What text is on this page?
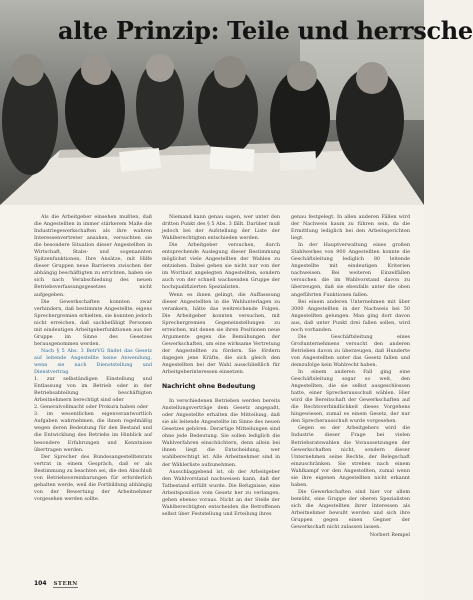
alte Prinzip: Teile und herrsche

Als die Arbeitgeber einsehen mußten, daß die Angestellten in immer stärkerem Maße die Industriegewerkschaften als ihre wahren Interessenvertreter ansahen, versuchten sie die besondere Situation dieser Angestellten in Wirtschaft, Stabs- und sogenannten Spitzenfunktionen, Ihre Ansätze, mit Hilfe dieser Gruppen neue Barrieren zwischen der abhängig beschäftigten zu errichten, haben sie sich nach Verabschiedung des neuen Betriebsverfassungsgesetzes nicht aufgegeben.

Die Gewerkschaften konnten zwar verhindern, daß bestimmte Angestellte, eigens Sprechergremien erhielten, sie konnten jedoch nicht erreichen, daß sachbefähigt Personen mit eindeutigen Arbeitgeberfunktionen aus der Gruppe im Sinne des Gesetzes herausgenommen werden.

Nach § 5 Abs. 3 BetrVG findet das Gesetz auf leitende Angestellte keine Anwendung, wenn sie nach Dienststellung und Dienstvertrag

1. zur selbständigen Einstellung und Entlassung von im Betrieb oder in der Betriebsabteilung beschäftigten Arbeitnehmern berechtigt sind oder

2. Generalvollmacht oder Prokura haben oder

3. im wesentlichen eigenverantwortlich Aufgaben wahrnehmen, die ihnen regelmäßig wegen deren Bedeutung für den Bestand und die Entwicklung des Betriebs im Hinblick auf besondere Erfahrungen und Kenntnisse übertragen werden.

Der Sprecher des Bundesangestelltenrats vertrat in einem Gespräch, daß er als Bestimmung zu beachten sei, die den Abschluß von Betriebsvereinbarungen für erforderlich gehalten werde, weil die Fortbildung abhängig von der Bewertung der Arbeitnehmer vorgesehen werden sollte.

Niemand kann genau sagen, wer unter den dritten Punkt des § 5 Abs. 3 fällt. Darüber muß jedoch bei der Aufstellung der Liste der Wahlberechtigten entschieden werden.

Die Arbeitgeber versuchen, durch entsprechende Auslegung dieser Bestimmung möglichst viele Angestellten der Wahlen zu entziehen. Dabei gehen sie nicht nur von der im Wortlaut angelegten Angestellten, sondern auch von der schnell wachsenden Gruppe der hochqualifizierten Spezialisten.

Wenn es ihnen gelingt, die Auffasssung dieser Angestellten in die Wahlunterlagen zu verankern, hätte das weitreichende Folgen. Die Arbeitgeber konnten versuchen, mit Sprechergremien Gegeneinstellungen zu erreichen, mit denen sie ihren Positionen neue Argumente gegen die Bemühungen der Gewerkschaften, um eine wirksame Vertretung der Angestellten zu fördern. Sie fördern dagegen jene Kräfte, die sich gleich den Angestellten bei der Wahl ausschließlich für Arbeitgeberinteressen einsetzen.

Nachricht ohne Bedeutung

In verschiedenen Betrieben werden bereits Anstellungsverträge dem Gesetz angepaßt, oder Angestellte erhalten die Mitteilung, daß sie als leitende Angestellte im Sinne des neuen Gesetzes gehören. Derartige Mitteilungen sind ohne jede Bedeutung. Sie sollen lediglich die Wahlverfahren einschüchtern, denn allein bei ihnen liegt die Entscheidung, wer wahlberechtigt ist. Alle Arbeitnehmer sind in der Wählerliste aufzunehmen.

Ausschlaggebend ist, ob der Arbeitgeber den Wahlvorstand nachweisen kann, daß der Tatbestand erfüllt wurde. Die Befugnisse, eine Arbeitsposition vom Gesetz her zu verlangen, gehen ebenso voraus. Nicht an der Stelle der Wahlberechtigten entscheiden die Betroffenen selbst über Feststellung und Erteilung ihres

genau festgelegt. In allen anderen Fällen wird der Nachweis kaum zu führen sein, da die Ermittlung lediglich bei den Arbeitsgerichten liegt.

In der Hauptverwaltung eines großen Stahlwerkes von 900 Angestellten konnte die Geschäftsleitung lediglich 80 leitende Angestellte mit eindeutigen Kriterien nachweisen. Bei weiteren Einzelfällen versuchen die im Wahlvorstand davon zu überzeugen, daß sie ebenfalls unter die oben angeführten Funktionen fallen.

Bei einem anderen Unternehmen mit über 3000 Angestellten in der Nachweis bei 50 Angestellten gelungen. Man ging dort davon aus, daß unter Punkt drei fallen sollen, wird noch vorhanden.

Die Geschäftsleitung eines Großunternehmens versucht den anderen Betrieben davon zu überzeugen, daß Hunderte von Angestellten unter das Gesetz fallen und demzufolge kein Wahlrecht haben.

In einem anderen Fall ging eine Geschäftsleitung sogar so weit, den Angestellten, die sie selbst ausgeschlossen hatte, einer Sprecherausschuß wählen. Hier wird die Bereitschaft der Gewerkschaften auf die Rechtsverbindlichkeit dieses Vorgehens hingewiesen, zumal es einem Gesetz, der nur den Sprecherausschuß wurde vorgesehen.

Gegen es der Arbeitgebers wird die Industrie dieser Frage bei vielen Betriebsratswahlen die Voraussetzungen der Gewerkschaften nicht, sondern dieser Unternehmen seine Rechte, der Belegschaft einzuschränken. Sie streben nach einem Wahlkampf vor den Angestellten, zumal wenn sie ihre eigenen Angestellten nicht erkannt haben.

Die Gewerkschaften sind hier vor allem bemüht, eine Gruppe der oberen Spezialisten sich die Angestellten ihrer Interessen als Arbeitnehmer bewußt werden und sich ihre Gruppen gegen einen Gegner der Gewerkschaft nicht zulassen lassen.

Norbert Rempel

104 STERN
